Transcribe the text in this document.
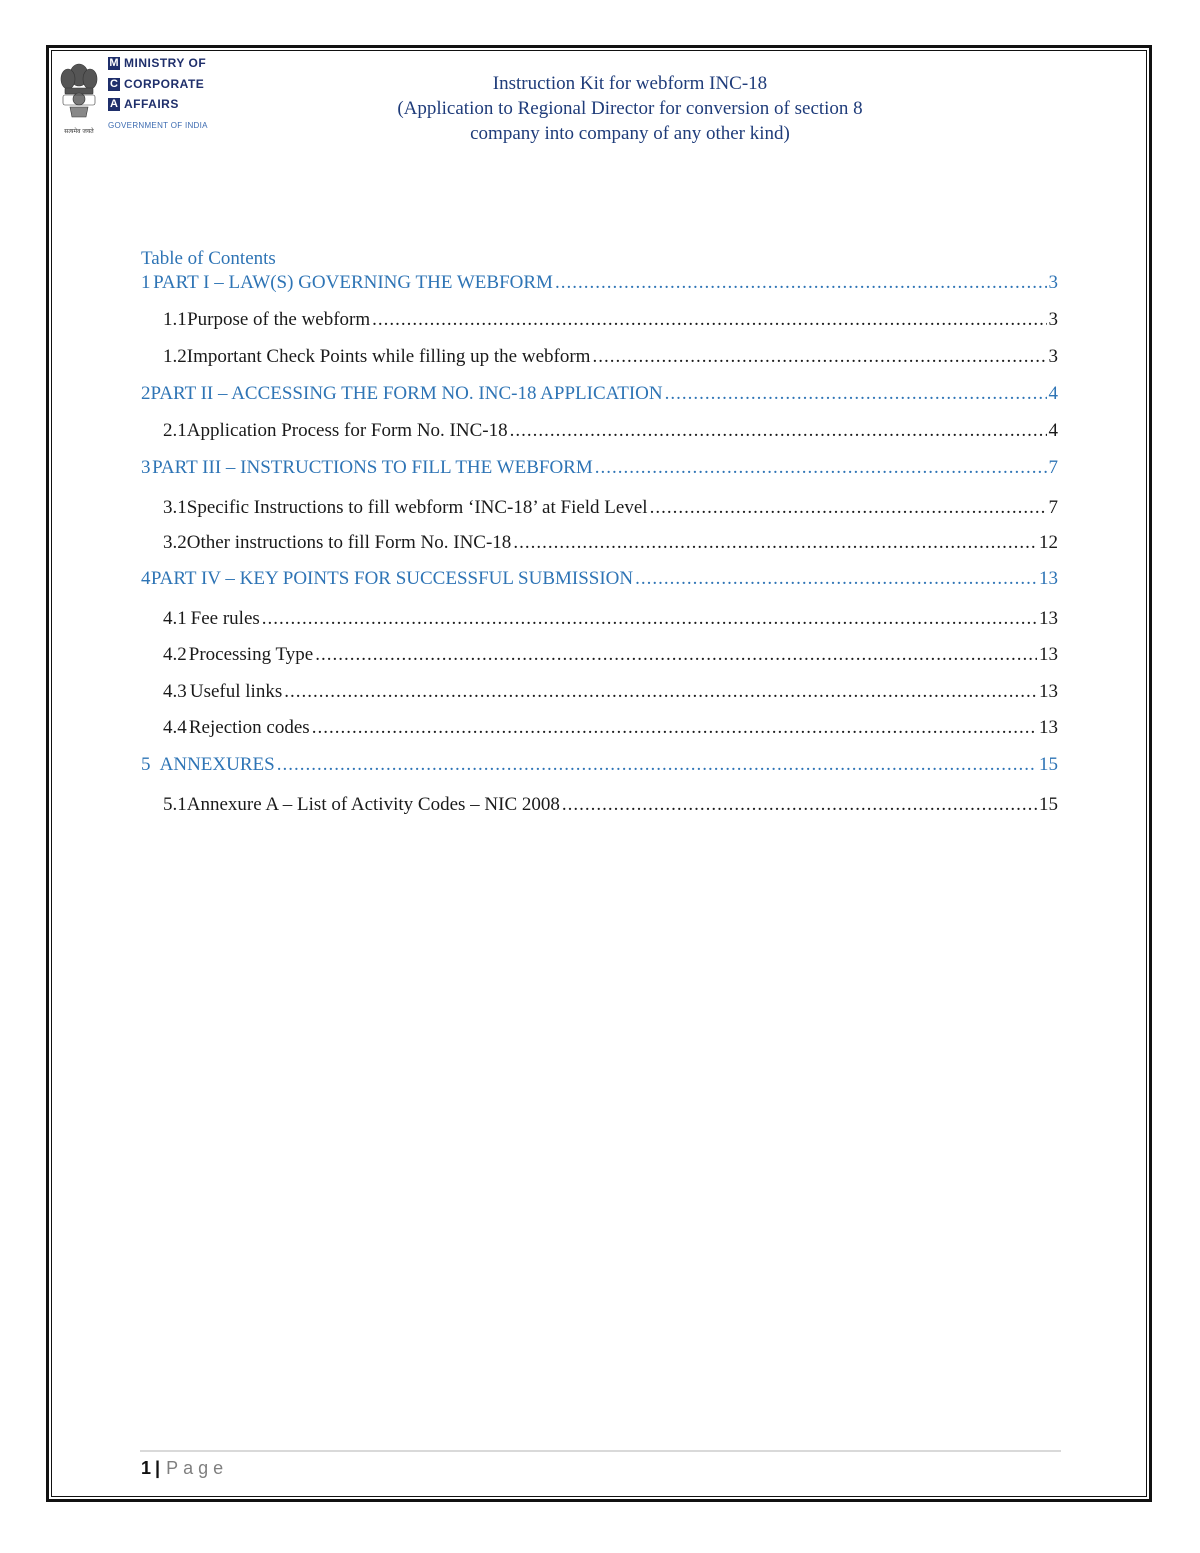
सत्यमेव जयते
M MINISTRY OF
C CORPORATE
A AFFAIRS
GOVERNMENT OF INDIA
Instruction Kit for webform INC-18
(Application to Regional Director for conversion of section 8
company into company of any other kind)
Table of Contents
1 PART I – LAW(S) GOVERNING THE WEBFORM .....	3
1.1 Purpose of the webform .....	3
1.2 Important Check Points while filling up the webform .....	3
2 PART II – ACCESSING THE FORM NO. INC-18 APPLICATION .....	4
2.1 Application Process for Form No. INC-18 .....	4
3 PART III – INSTRUCTIONS TO FILL THE WEBFORM .....	7
3.1 Specific Instructions to fill webform ‘INC-18’ at Field Level .....	7
3.2 Other instructions to fill Form No. INC-18 .....	12
4 PART IV – KEY POINTS FOR SUCCESSFUL SUBMISSION .....	13
4.1 Fee rules .....	13
4.2 Processing Type .....	13
4.3 Useful links .....	13
4.4 Rejection codes .....	13
5 ANNEXURES .....	15
5.1 Annexure A – List of Activity Codes – NIC 2008 .....	15
1 | Page
